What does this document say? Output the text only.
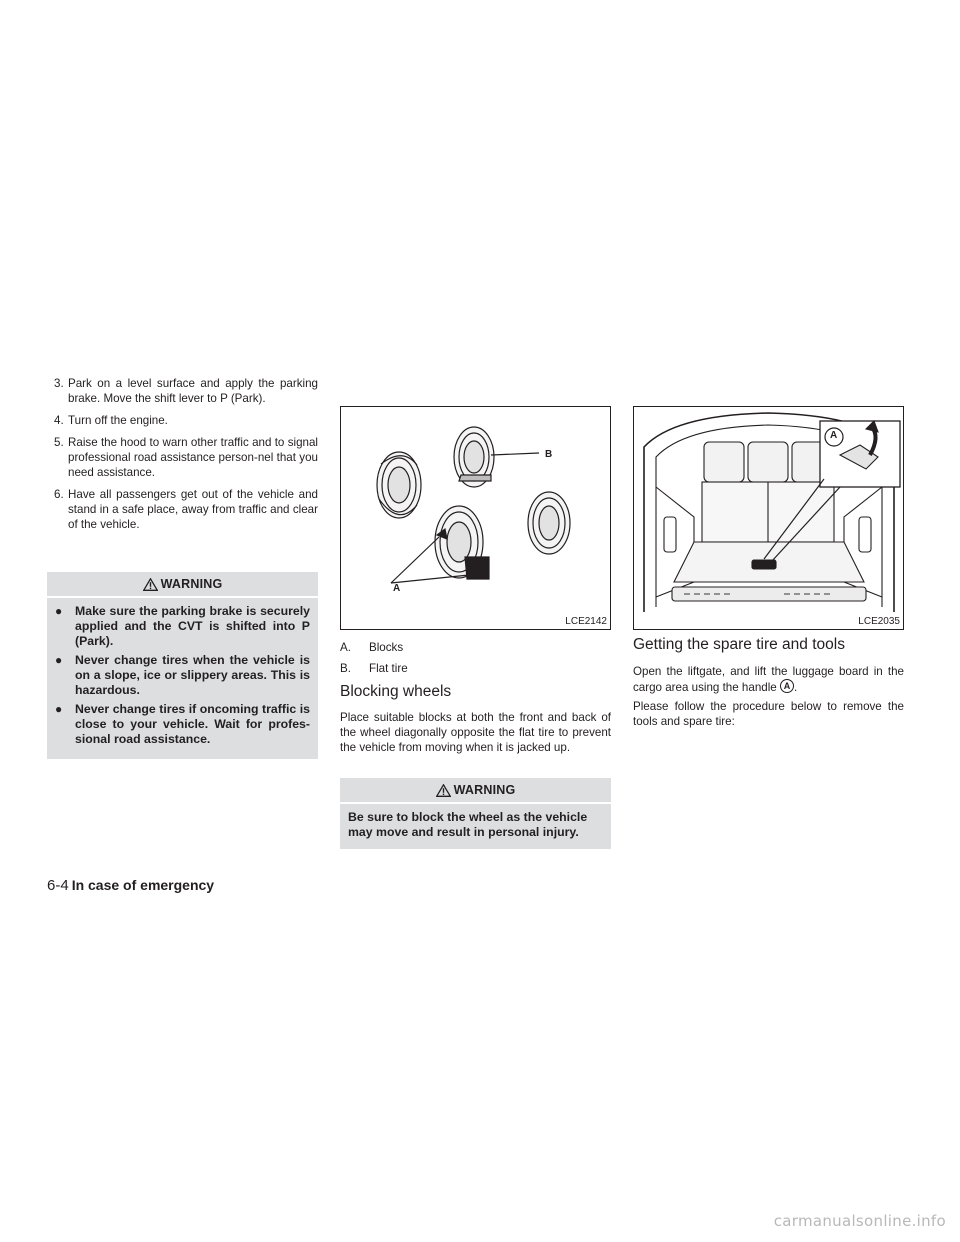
3. Park on a level surface and apply the parking brake. Move the shift lever to P (Park).
4. Turn off the engine.
5. Raise the hood to warn other traffic and to signal professional road assistance person-nel that you need assistance.
6. Have all passengers get out of the vehicle and stand in a safe place, away from traffic and clear of the vehicle.
WARNING
●	Make sure the parking brake is securely applied and the CVT is shifted into P (Park).
●	Never change tires when the vehicle is on a slope, ice or slippery areas. This is hazardous.
●	Never change tires if oncoming traffic is close to your vehicle. Wait for profes-sional road assistance.
B
A
LCE2142
A. Blocks
B. Flat tire
Blocking wheels

Place suitable blocks at both the front and back of the wheel diagonally opposite the flat tire to prevent the vehicle from moving when it is jacked up.

WARNING

Be sure to block the wheel as the vehicle may move and result in personal injury.

A
LCE2035
Getting the spare tire and tools

Open the liftgate, and lift the luggage board in the cargo area using the handle A .

Please follow the procedure below to remove the tools and spare tire:

6-4 In case of emergency
carmanualsonline.info
